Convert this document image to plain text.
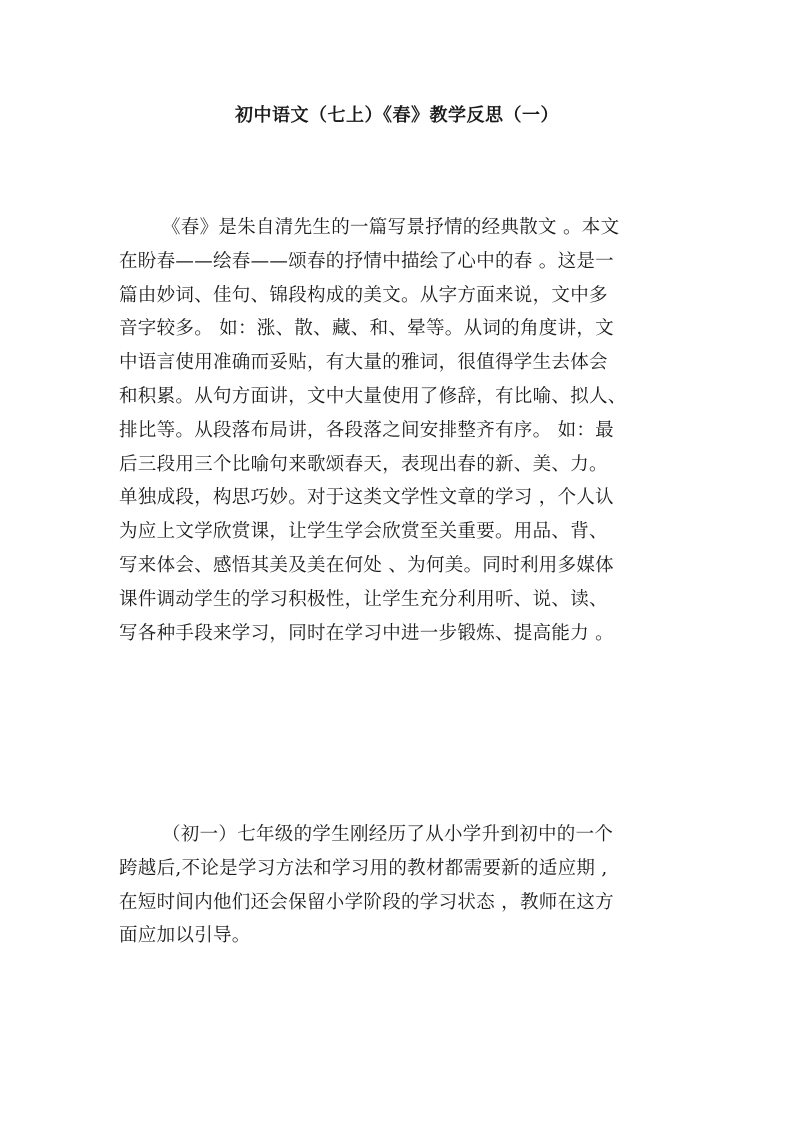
初中语文（七上）《春》教学反思（一）
《春》是朱自清先生的一篇写景抒情的经典散文 。本文
在盼春——绘春——颂春的抒情中描绘了心中的春 。这是一
篇由妙词、佳句、锦段构成的美文。从字方面来说，文中多
音字较多。 如：涨、散、藏、和、晕等。从词的角度讲，文
中语言使用准确而妥贴，有大量的雅词，很值得学生去体会
和积累。从句方面讲，文中大量使用了修辞，有比喻、拟人、
排比等。从段落布局讲，各段落之间安排整齐有序。 如：最
后三段用三个比喻句来歌颂春天，表现出春的新、美、力。
单独成段，构思巧妙。对于这类文学性文章的学习 ，个人认
为应上文学欣赏课，让学生学会欣赏至关重要。用品、背、
写来体会、感悟其美及美在何处 、为何美。同时利用多媒体
课件调动学生的学习积极性，让学生充分利用听、说、读、
写各种手段来学习，同时在学习中进一步锻炼、提高能力 。
（初一）七年级的学生刚经历了从小学升到初中的一个
跨越后,不论是学习方法和学习用的教材都需要新的适应期 ,
在短时间内他们还会保留小学阶段的学习状态 ，教师在这方
面应加以引导。
